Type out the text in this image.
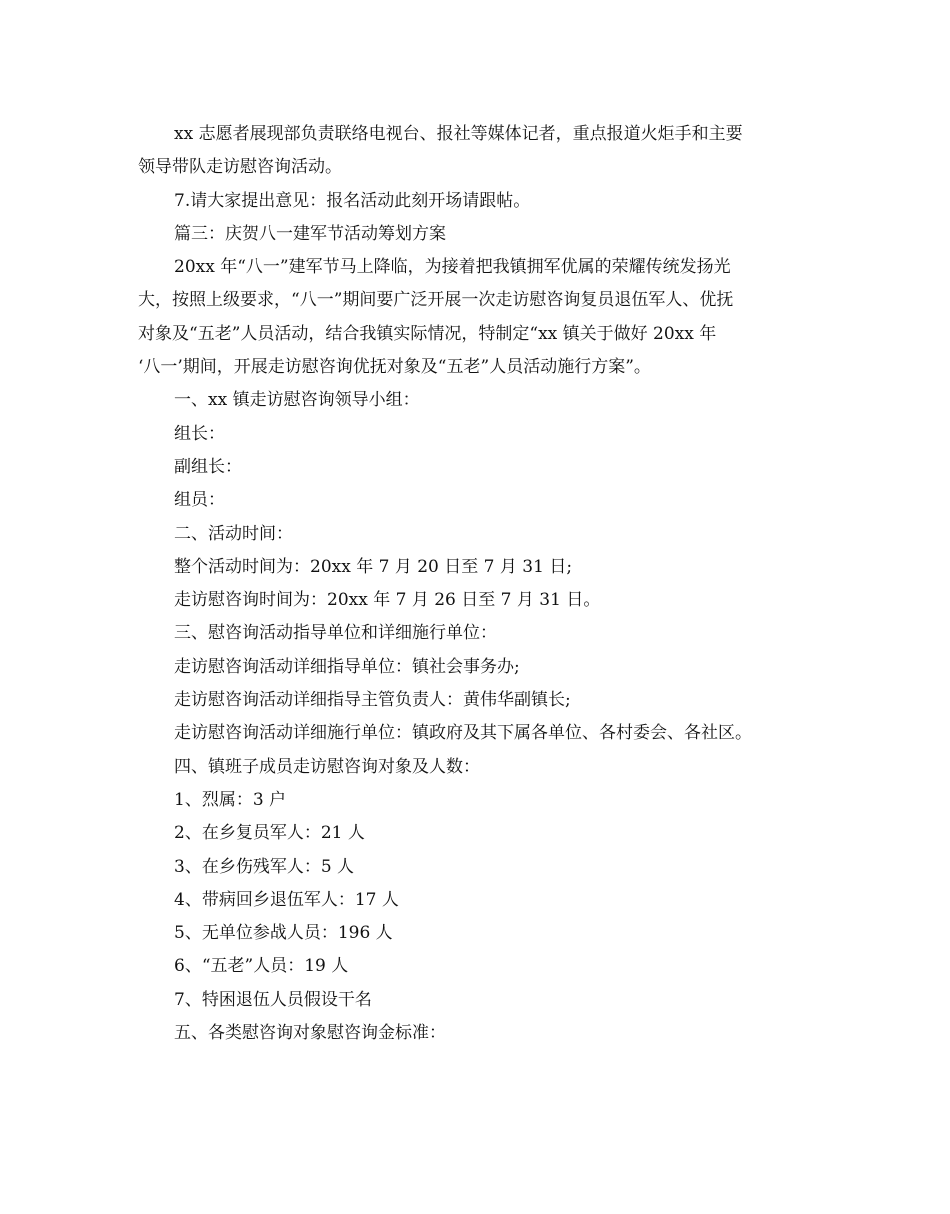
xx 志愿者展现部负责联络电视台、报社等媒体记者，重点报道火炬手和主要

领导带队走访慰咨询活动。

7.请大家提出意见：报名活动此刻开场请跟帖。

篇三：庆贺八一建军节活动筹划方案

20xx 年“八一”建军节马上降临，为接着把我镇拥军优属的荣耀传统发扬光

大，按照上级要求，“八一”期间要广泛开展一次走访慰咨询复员退伍军人、优抚

对象及“五老”人员活动，结合我镇实际情况，特制定“xx 镇关于做好 20xx 年

‘八一’期间，开展走访慰咨询优抚对象及“五老”人员活动施行方案”。

一、xx 镇走访慰咨询领导小组：

组长：

副组长：

组员：

二、活动时间：

整个活动时间为：20xx 年 7 月 20 日至 7 月 31 日;

走访慰咨询时间为：20xx 年 7 月 26 日至 7 月 31 日。

三、慰咨询活动指导单位和详细施行单位：

走访慰咨询活动详细指导单位：镇社会事务办;

走访慰咨询活动详细指导主管负责人：黄伟华副镇长;

走访慰咨询活动详细施行单位：镇政府及其下属各单位、各村委会、各社区。

四、镇班子成员走访慰咨询对象及人数：

1、烈属：3 户

2、在乡复员军人：21 人

3、在乡伤残军人：5 人

4、带病回乡退伍军人：17 人

5、无单位参战人员：196 人

6、“五老”人员：19 人

7、特困退伍人员假设干名

五、各类慰咨询对象慰咨询金标准：
